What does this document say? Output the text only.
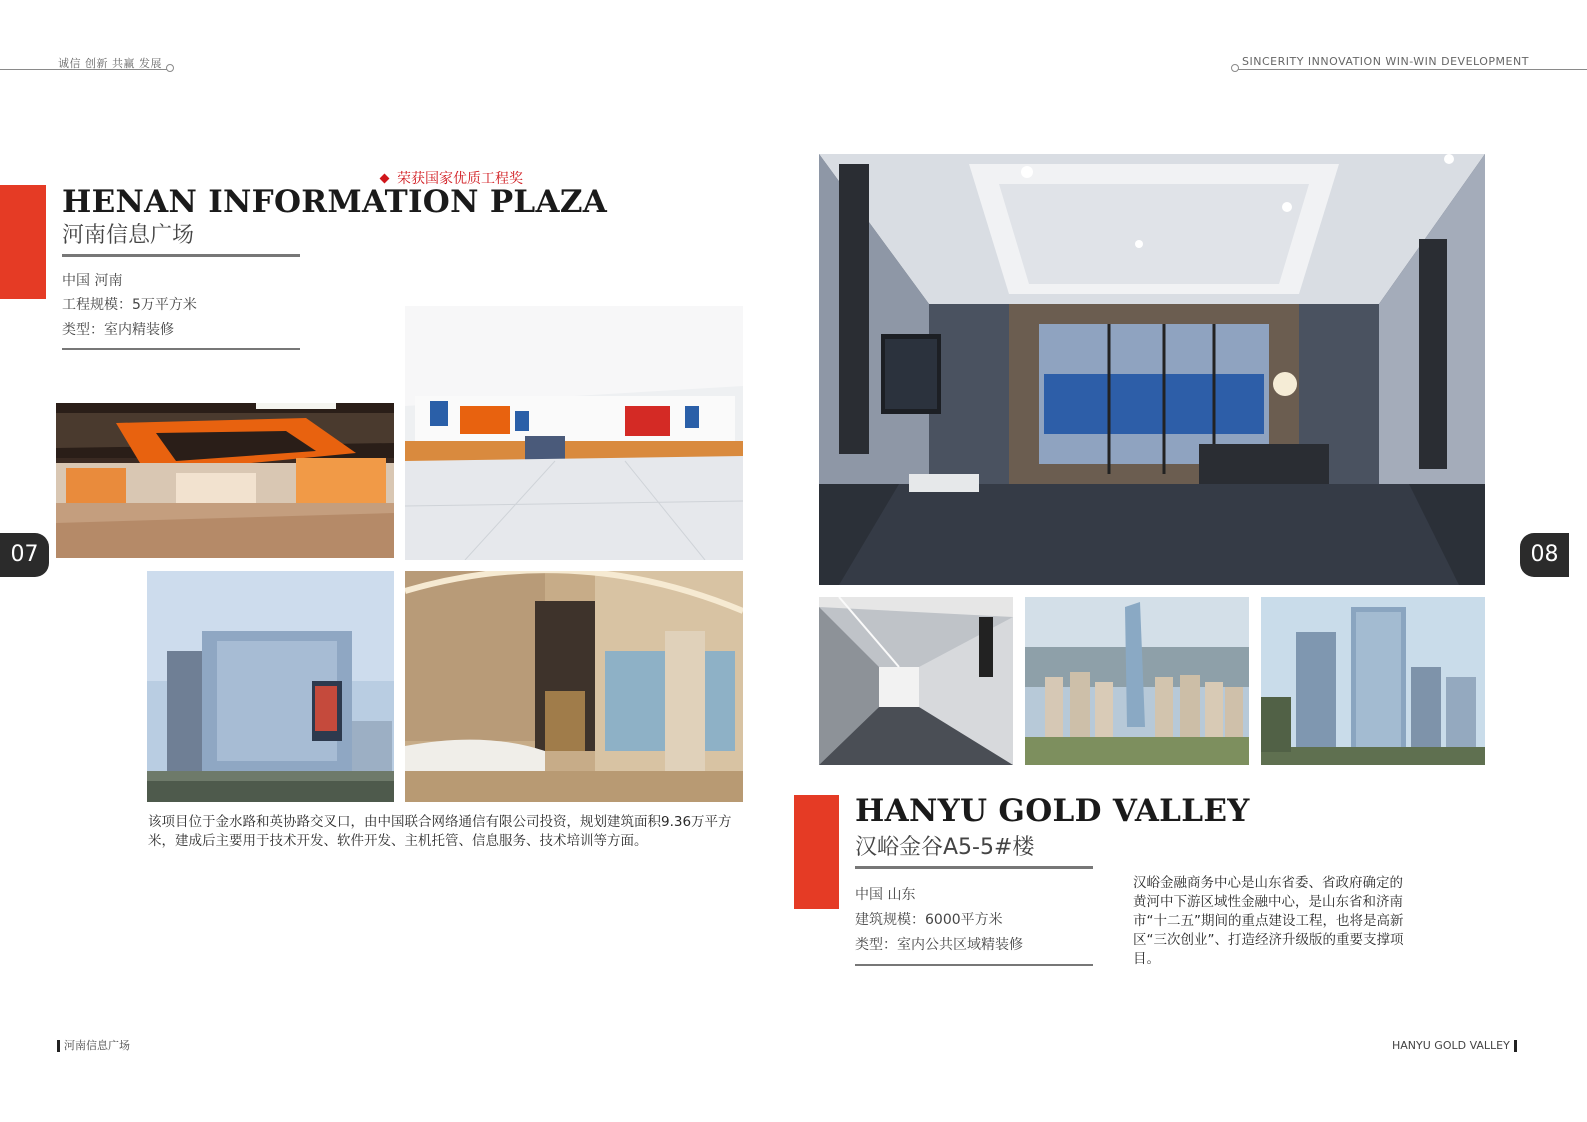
诚信 创新 共赢 发展	SINCERITY INNOVATION WIN-WIN DEVELOPMENT
荣获国家优质工程奖
HENAN INFORMATION PLAZA
河南信息广场
中国 河南
工程规模：5万平方米
类型：室内精装修
该项目位于金水路和英协路交叉口，由中国联合网络通信有限公司投资，规划建筑面积9.36万平方米，建成后主要用于技术开发、软件开发、主机托管、信息服务、技术培训等方面。
07
河南信息广场
HANYU GOLD VALLEY
汉峪金谷A5-5#楼
中国 山东
建筑规模：6000平方米
类型：室内公共区域精装修
汉峪金融商务中心是山东省委、省政府确定的黄河中下游区域性金融中心，是山东省和济南市“十二五”期间的重点建设工程，也将是高新区“三次创业”、打造经济升级版的重要支撑项目。
08
HANYU GOLD VALLEY
